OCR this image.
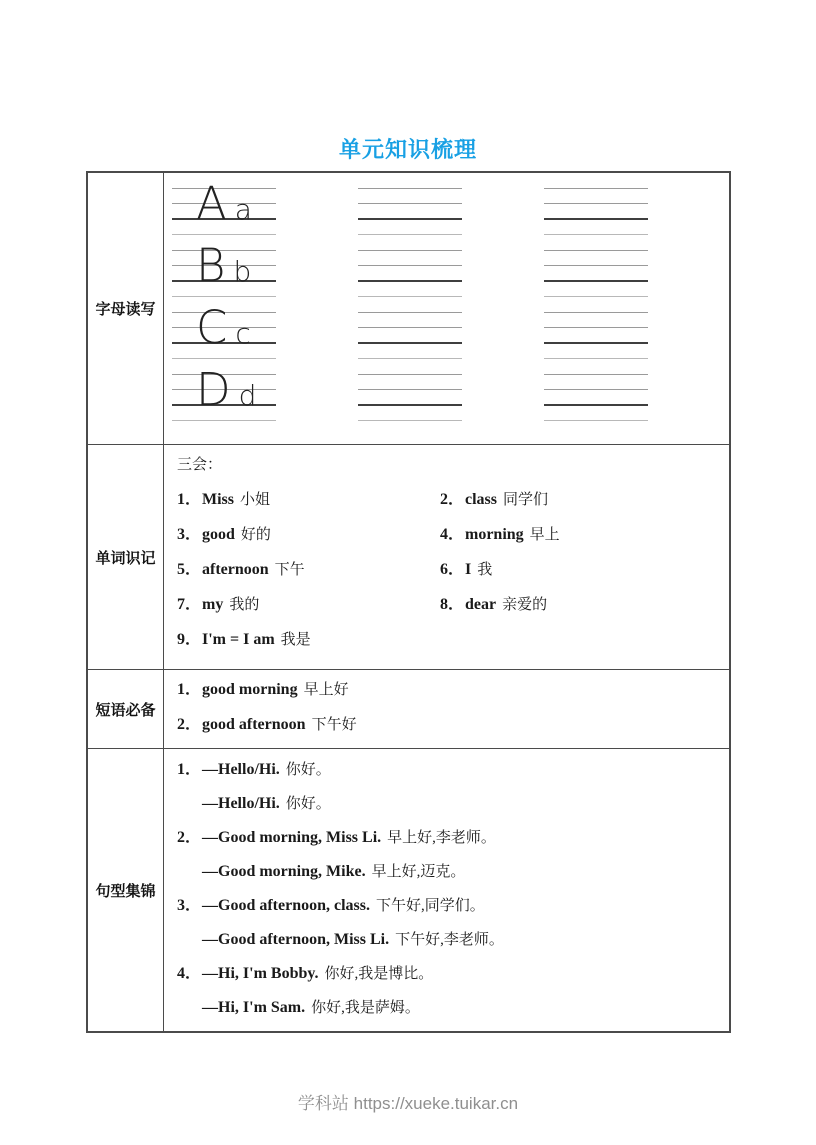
单元知识梳理
字母读写
Aa
Bb
Cc
Dd
单词识记
三会：
1．Miss 小姐
3．good 好的
5．afternoon 下午
7．my 我的
9．I'm = I am 我是
2．class 同学们
4．morning 早上
6．I 我
8．dear 亲爱的
短语必备
1．good morning 早上好
2．good afternoon 下午好
句型集锦
1．—Hello/Hi. 你好。
—Hello/Hi. 你好。
2．—Good morning, Miss Li. 早上好,李老师。
—Good morning, Mike. 早上好,迈克。
3．—Good afternoon, class. 下午好,同学们。
—Good afternoon, Miss Li. 下午好,李老师。
4．—Hi, I'm Bobby. 你好,我是博比。
—Hi, I'm Sam. 你好,我是萨姆。
学科站 https://xueke.tuikar.cn
